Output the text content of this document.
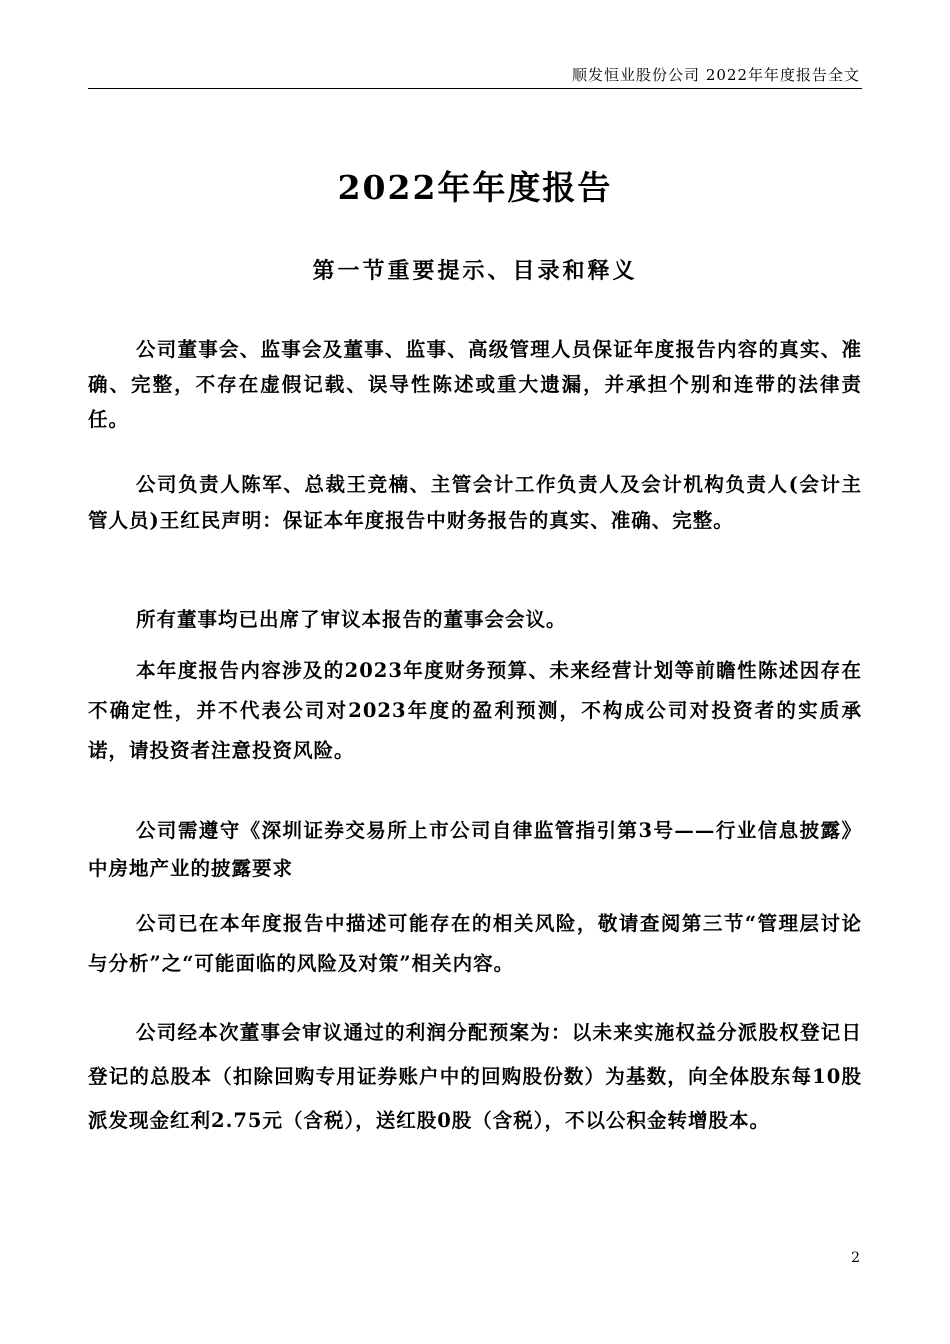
顺发恒业股份公司 2022年年度报告全文
2022年年度报告
第一节重要提示、目录和释义

公司董事会、监事会及董事、监事、高级管理人员保证年度报告内容的真实、准确、完整，不存在虚假记载、误导性陈述或重大遗漏，并承担个别和连带的法律责任。

公司负责人陈军、总裁王竞楠、主管会计工作负责人及会计机构负责人(会计主管人员)王红民声明：保证本年度报告中财务报告的真实、准确、完整。

所有董事均已出席了审议本报告的董事会会议。

本年度报告内容涉及的2023年度财务预算、未来经营计划等前瞻性陈述因存在不确定性，并不代表公司对2023年度的盈利预测，不构成公司对投资者的实质承诺，请投资者注意投资风险。

公司需遵守《深圳证券交易所上市公司自律监管指引第3号——行业信息披露》中房地产业的披露要求

公司已在本年度报告中描述可能存在的相关风险，敬请查阅第三节“管理层讨论与分析”之“可能面临的风险及对策”相关内容。

公司经本次董事会审议通过的利润分配预案为：以未来实施权益分派股权登记日登记的总股本（扣除回购专用证券账户中的回购股份数）为基数，向全体股东每10股派发现金红利2.75元（含税），送红股0股（含税），不以公积金转增股本。

2
